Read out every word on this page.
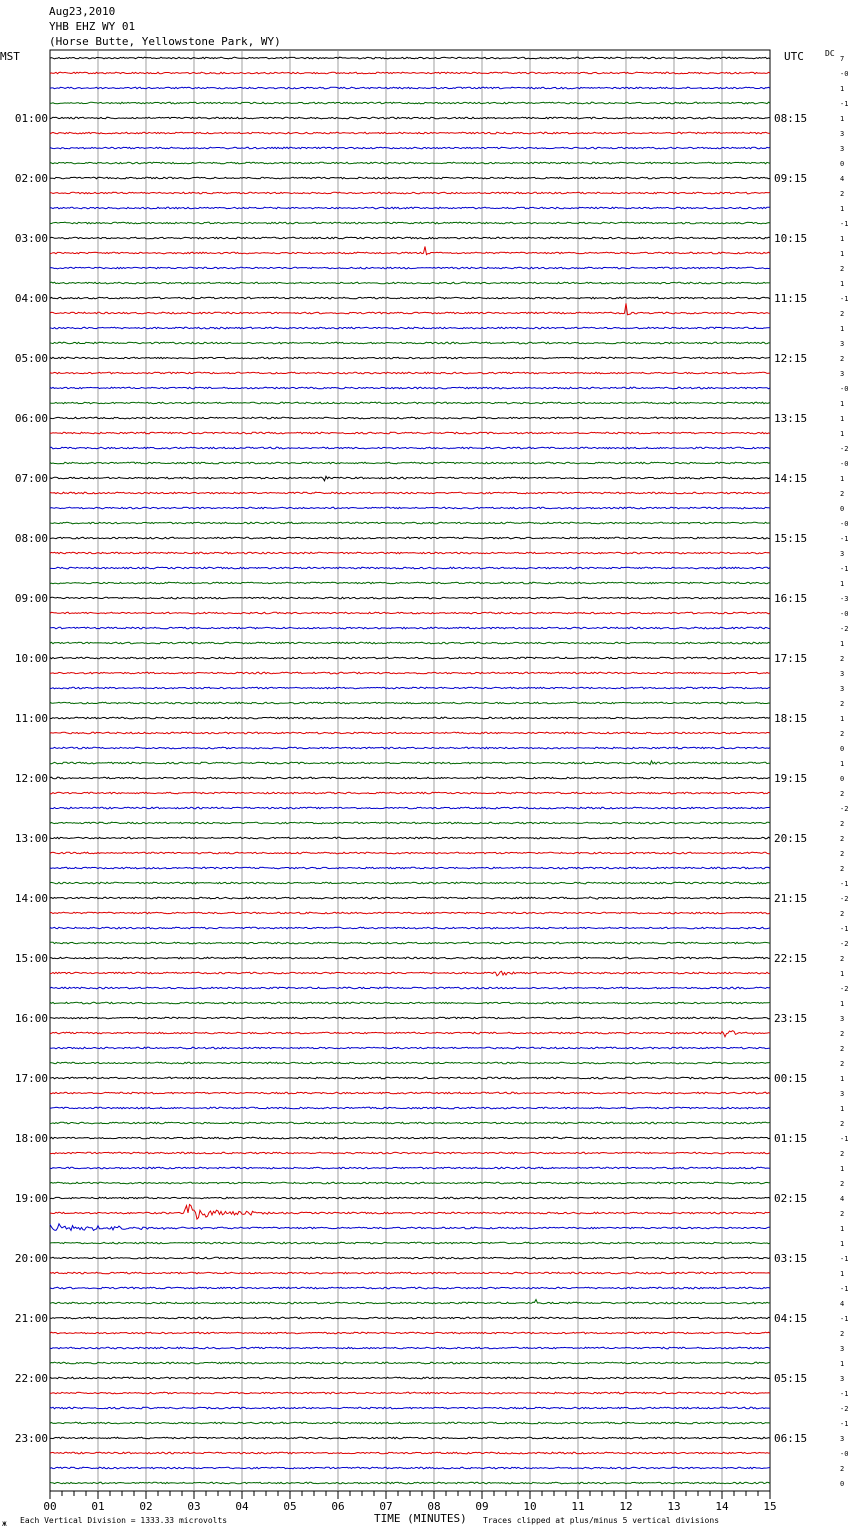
Aug23,2010
YHB EHZ WY 01
(Horse Butte, Yellowstone Park, WY)
MST	UTC	DC
7
-0
1
-1
1
3
3
0
4
2
1
-1
1
1
2
1
-1
2
1
3
2
3
-0
1
1
1
-2
-0
1
2
0
-0
-1
3
-1
1
-3
-0
-2
1
2
3
3
2
1
2
0
1
0
2
-2
2
2
2
2
-1
-2
2
-1
-2
2
1
-2
1
3
2
2
2
1
3
1
2
-1
2
1
2
4
2
1
1
-1
1
-1
4
-1
2
3
1
3
-1
-2
-1
3
-0
2
0
01:00
02:00
03:00
04:00
05:00
06:00
07:00
08:00
09:00
10:00
11:00
12:00
13:00
14:00
15:00
16:00
17:00
18:00
19:00
20:00
21:00
22:00
23:00
08:15
09:15
10:15
11:15
12:15
13:15
14:15
15:15
16:15
17:15
18:15
19:15
20:15
21:15
22:15
23:15
00:15
01:15
02:15
03:15
04:15
05:15
06:15
00	01	02	03	04	05	06	07	08	09	10	11	12	13	14	15
ж Each Vertical Division = 1333.33 microvolts	TIME (MINUTES) Traces clipped at plus/minus 5 vertical divisions
